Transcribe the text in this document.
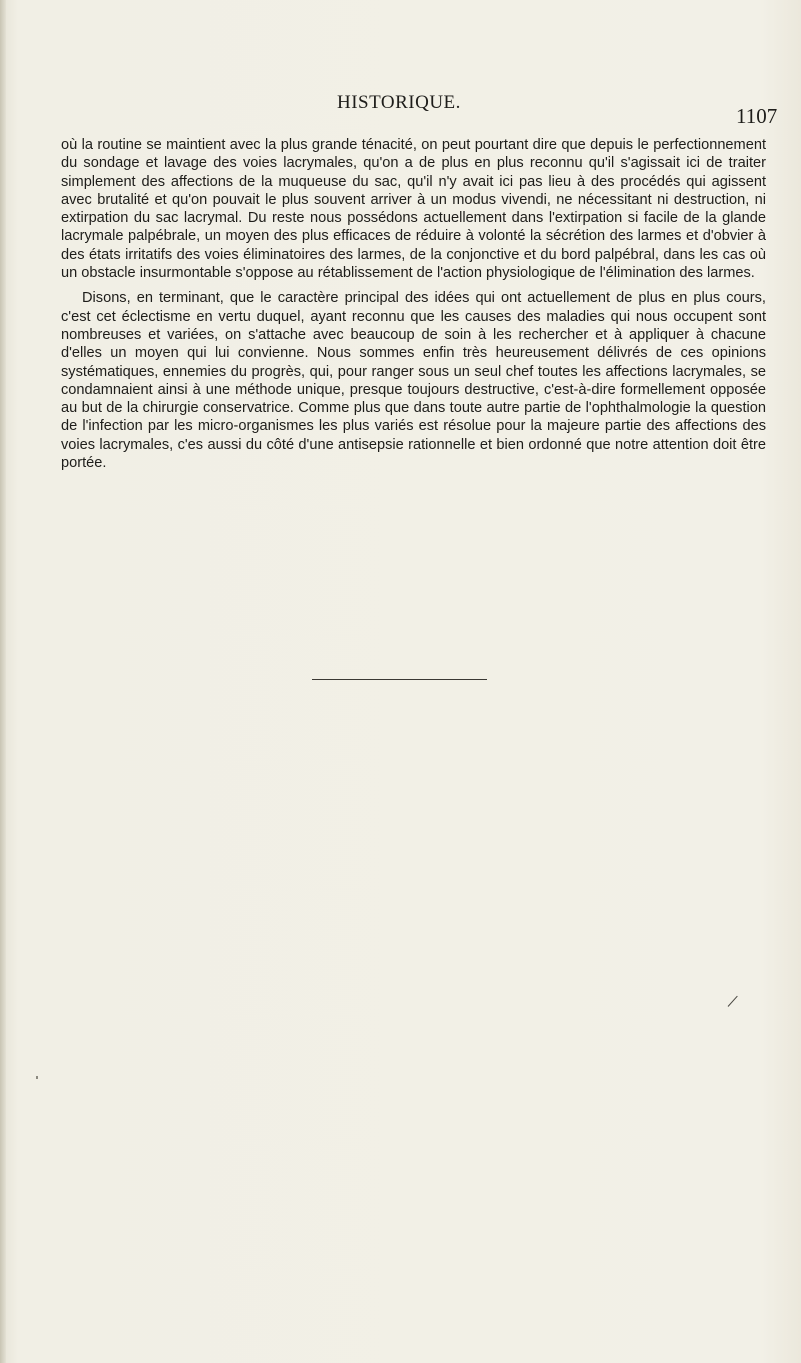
HISTORIQUE.
1107

où la routine se maintient avec la plus grande ténacité, on peut pourtant dire que depuis le perfectionnement du sondage et lavage des voies lacrymales, qu'on a de plus en plus reconnu qu'il s'agissait ici de traiter simplement des affections de la muqueuse du sac, qu'il n'y avait ici pas lieu à des procédés qui agissent avec brutalité et qu'on pouvait le plus souvent arriver à un modus vivendi, ne nécessitant ni destruction, ni extirpation du sac lacrymal. Du reste nous possédons actuellement dans l'extirpation si facile de la glande lacrymale palpébrale, un moyen des plus efficaces de réduire à volonté la sécrétion des larmes et d'obvier à des états irritatifs des voies éliminatoires des larmes, de la conjonctive et du bord palpébral, dans les cas où un obstacle insurmontable s'oppose au rétablissement de l'action physiologique de l'élimination des larmes.

Disons, en terminant, que le caractère principal des idées qui ont actuellement de plus en plus cours, c'est cet éclectisme en vertu duquel, ayant reconnu que les causes des maladies qui nous occupent sont nombreuses et variées, on s'attache avec beaucoup de soin à les rechercher et à appliquer à chacune d'elles un moyen qui lui convienne. Nous sommes enfin très heureusement délivrés de ces opinions systématiques, ennemies du progrès, qui, pour ranger sous un seul chef toutes les affections lacrymales, se condamnaient ainsi à une méthode unique, presque toujours destructive, c'est-à-dire formellement opposée au but de la chirurgie conservatrice. Comme plus que dans toute autre partie de l'ophthalmologie la question de l'infection par les micro-organismes les plus variés est résolue pour la majeure partie des affections des voies lacrymales, c'es aussi du côté d'une antisepsie rationnelle et bien ordonné que notre attention doit être portée.
